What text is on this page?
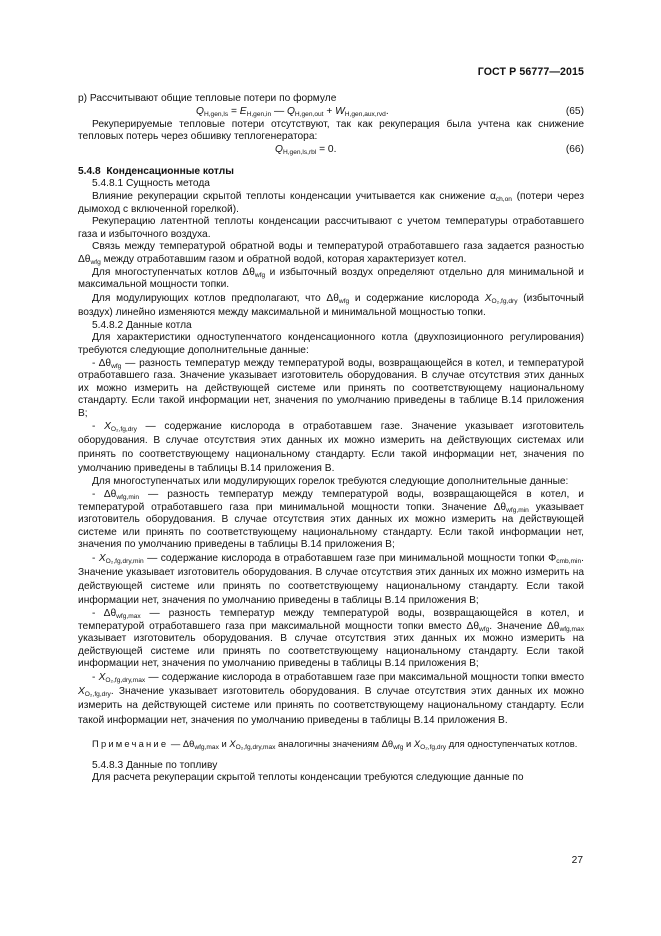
ГОСТ Р 56777—2015

р) Рассчитывают общие тепловые потери по формуле

$Q_{H,gen,ls} = E_{H,gen,in}$ — $Q_{H,gen,out} + W_{H,gen,aux,rvd}$.	(65)

Рекуперируемые тепловые потери отсутствуют, так как рекуперация была учтена как снижение тепловых потерь через обшивку теплогенератора:

$Q_{H,gen,ls,rbl} = 0$.	(66)

5.4.8 Конденсационные котлы

5.4.8.1 Сущность метода

Влияние рекуперации скрытой теплоты конденсации учитывается как снижение $\alpha_{ch,on}$ (потери через дымоход с включенной горелкой).

Рекуперацию латентной теплоты конденсации рассчитывают с учетом температуры отработавшего газа и избыточного воздуха.

Связь между температурой обратной воды и температурой отработавшего газа задается разностью $\Delta\theta_{wfg}$ между отработавшим газом и обратной водой, которая характеризует котел.

Для многоступенчатых котлов $\Delta\theta_{wfg}$ и избыточный воздух определяют отдельно для минимальной и максимальной мощности топки.

Для модулирующих котлов предполагают, что $\Delta\theta_{wfg}$ и содержание кислорода $X_{O_2,fg,dry}$ (избыточный воздух) линейно изменяются между максимальной и минимальной мощностью топки.

5.4.8.2 Данные котла

Для характеристики одноступенчатого конденсационного котла (двухпозиционного регулирования) требуются следующие дополнительные данные:

- $\Delta\theta_{wfg}$ — разность температур между температурой воды, возвращающейся в котел, и температурой отработавшего газа. Значение указывает изготовитель оборудования. В случае отсутствия этих данных их можно измерить на действующей системе или принять по соответствующему национальному стандарту. Если такой информации нет, значения по умолчанию приведены в таблице В.14 приложения В;

- $X_{O_2,fg,dry}$ — содержание кислорода в отработавшем газе. Значение указывает изготовитель оборудования. В случае отсутствия этих данных их можно измерить на действующих системах или принять по соответствующему национальному стандарту. Если такой информации нет, значения по умолчанию приведены в таблицы В.14 приложения В.

Для многоступенчатых или модулирующих горелок требуются следующие дополнительные данные:

- $\Delta\theta_{wfg,min}$ — разность температур между температурой воды, возвращающейся в котел, и температурой отработавшего газа при минимальной мощности топки. Значение $\Delta\theta_{wfg,min}$ указывает изготовитель оборудования. В случае отсутствия этих данных их можно измерить на действующей системе или принять по соответствующему национальному стандарту. Если такой информации нет, значения по умолчанию приведены в таблицы В.14 приложения В;

- $X_{O_2,fg,dry,min}$ — содержание кислорода в отработавшем газе при минимальной мощности топки $\Phi_{cmb,min}$. Значение указывает изготовитель оборудования. В случае отсутствия этих данных их можно измерить на действующей системе или принять по соответствующему национальному стандарту. Если такой информации нет, значения по умолчанию приведены в таблицы В.14 приложения В;

- $\Delta\theta_{wfg,max}$ — разность температур между температурой воды, возвращающейся в котел, и температурой отработавшего газа при максимальной мощности топки вместо $\Delta\theta_{wfg}$. Значение $\Delta\theta_{wfg,max}$ указывает изготовитель оборудования. В случае отсутствия этих данных их можно измерить на действующей системе или принять по соответствующему национальному стандарту. Если такой информации нет, значения по умолчанию приведены в таблицы В.14 приложения В;

- $X_{O_2,fg,dry,max}$ — содержание кислорода в отработавшем газе при максимальной мощности топки вместо $X_{O_2,fg,dry}$. Значение указывает изготовитель оборудования. В случае отсутствия этих данных их можно измерить на действующей системе или принять по соответствующему национальному стандарту. Если такой информации нет, значения по умолчанию приведены в таблицы В.14 приложения В.

Примечание — $\Delta\theta_{wfg,max}$ и $X_{O_2,fg,dry,max}$ аналогичны значениям $\Delta\theta_{wfg}$ и $X_{O_2,fg,dry}$ для одноступенчатых котлов.

5.4.8.3 Данные по топливу

Для расчета рекуперации скрытой теплоты конденсации требуются следующие данные по

27
